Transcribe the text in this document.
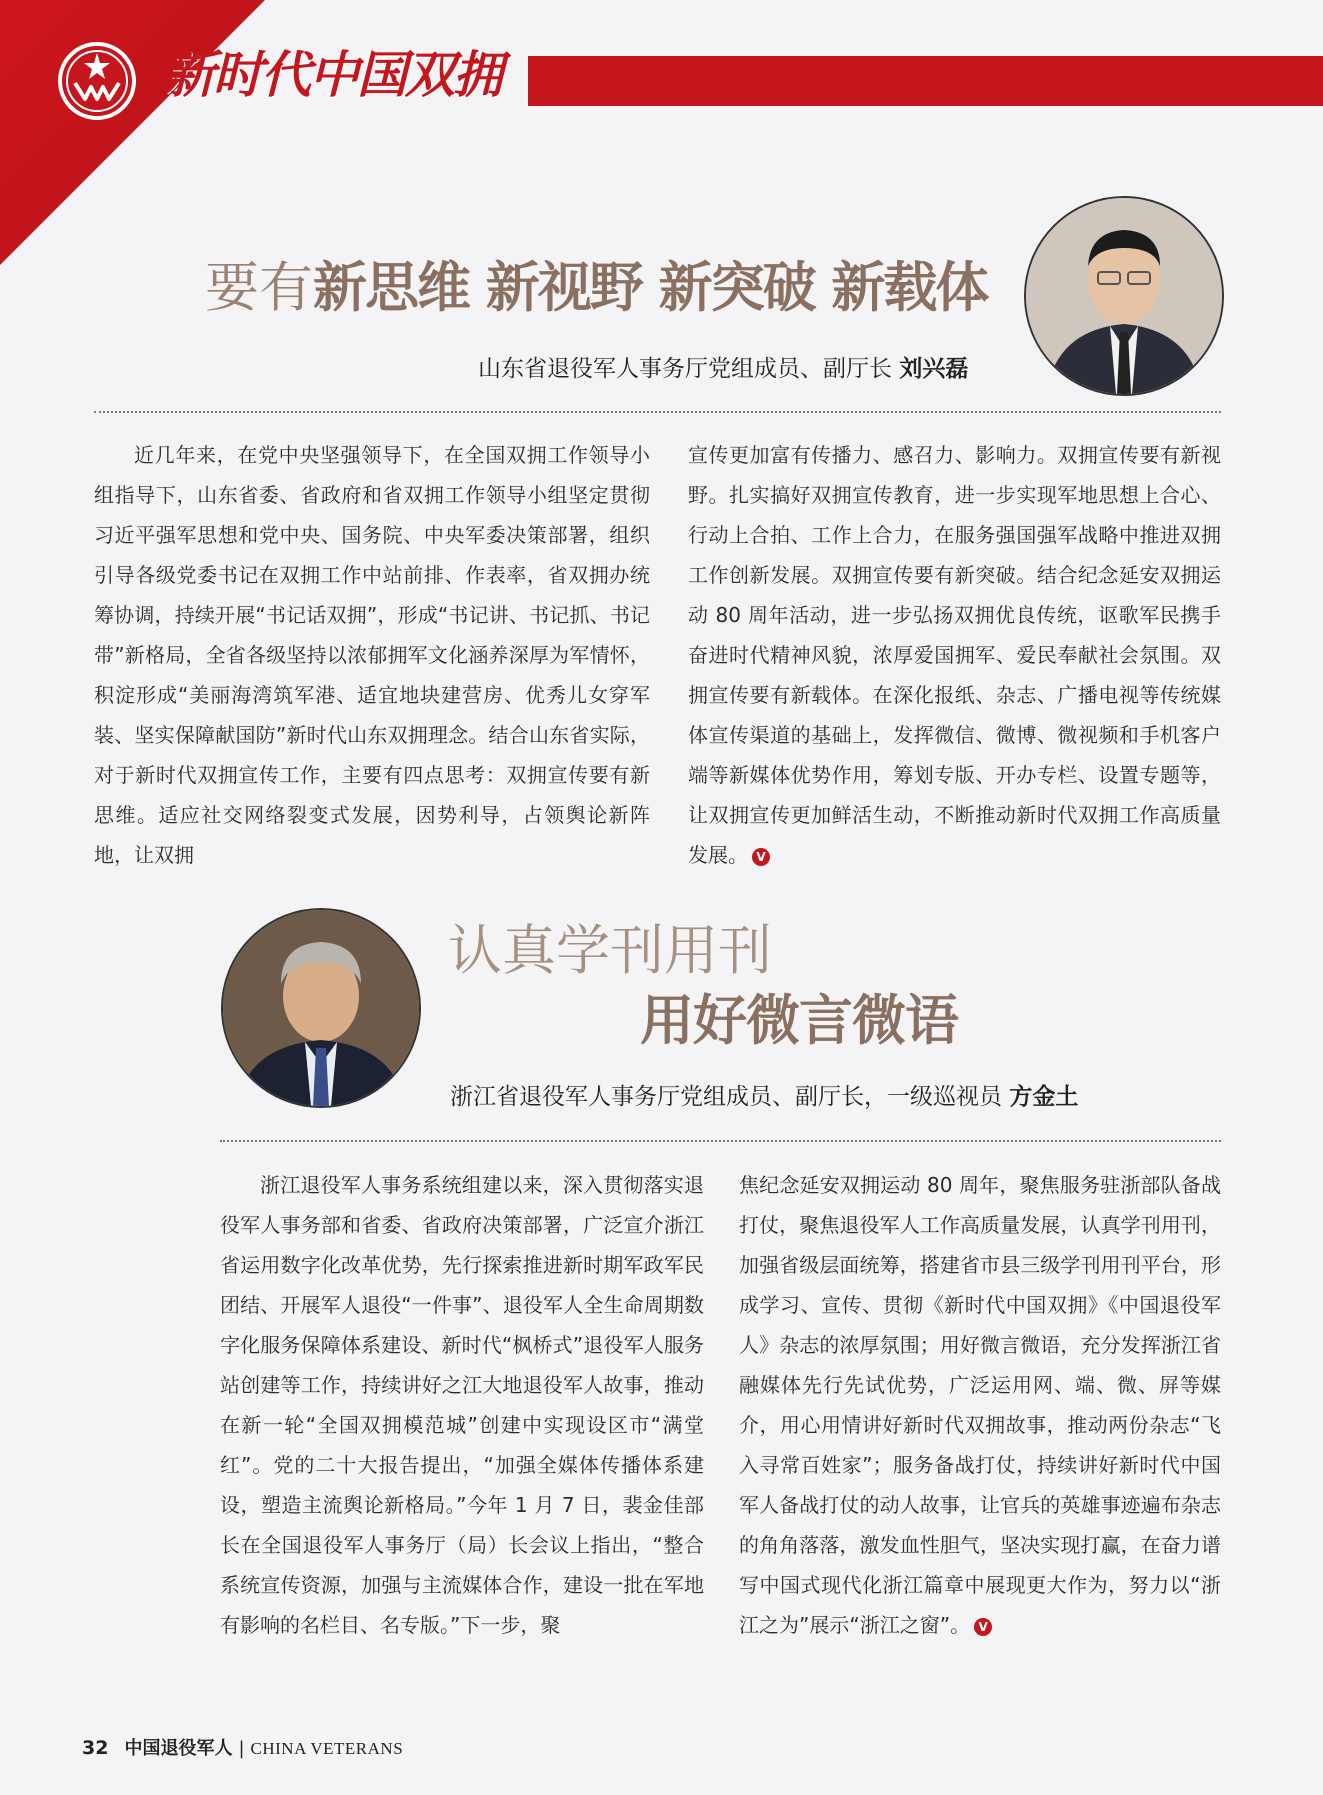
新时代中国双拥
要有新思维 新视野 新突破 新载体
山东省退役军人事务厅党组成员、副厅长 刘兴磊

近几年来，在党中央坚强领导下，在全国双拥工作领导小组指导下，山东省委、省政府和省双拥工作领导小组坚定贯彻习近平强军思想和党中央、国务院、中央军委决策部署，组织引导各级党委书记在双拥工作中站前排、作表率，省双拥办统筹协调，持续开展“书记话双拥”，形成“书记讲、书记抓、书记带”新格局，全省各级坚持以浓郁拥军文化涵养深厚为军情怀，积淀形成“美丽海湾筑军港、适宜地块建营房、优秀儿女穿军装、坚实保障献国防”新时代山东双拥理念。结合山东省实际，对于新时代双拥宣传工作，主要有四点思考：双拥宣传要有新思维。适应社交网络裂变式发展，因势利导，占领舆论新阵地，让双拥

宣传更加富有传播力、感召力、影响力。双拥宣传要有新视野。扎实搞好双拥宣传教育，进一步实现军地思想上合心、行动上合拍、工作上合力，在服务强国强军战略中推进双拥工作创新发展。双拥宣传要有新突破。结合纪念延安双拥运动 80 周年活动，进一步弘扬双拥优良传统，讴歌军民携手奋进时代精神风貌，浓厚爱国拥军、爱民奉献社会氛围。双拥宣传要有新载体。在深化报纸、杂志、广播电视等传统媒体宣传渠道的基础上，发挥微信、微博、微视频和手机客户端等新媒体优势作用，筹划专版、开办专栏、设置专题等，让双拥宣传更加鲜活生动，不断推动新时代双拥工作高质量发展。 V

认真学刊用刊
用好微言微语
浙江省退役军人事务厅党组成员、副厅长，一级巡视员 方金土

浙江退役军人事务系统组建以来，深入贯彻落实退役军人事务部和省委、省政府决策部署，广泛宣介浙江省运用数字化改革优势，先行探索推进新时期军政军民团结、开展军人退役“一件事”、退役军人全生命周期数字化服务保障体系建设、新时代“枫桥式”退役军人服务站创建等工作，持续讲好之江大地退役军人故事，推动在新一轮“全国双拥模范城”创建中实现设区市“满堂红”。党的二十大报告提出，“加强全媒体传播体系建设，塑造主流舆论新格局。”今年 1 月 7 日，裴金佳部长在全国退役军人事务厅（局）长会议上指出，“整合系统宣传资源，加强与主流媒体合作，建设一批在军地有影响的名栏目、名专版。”下一步，聚

焦纪念延安双拥运动 80 周年，聚焦服务驻浙部队备战打仗，聚焦退役军人工作高质量发展，认真学刊用刊，加强省级层面统筹，搭建省市县三级学刊用刊平台，形成学习、宣传、贯彻《新时代中国双拥》《中国退役军人》杂志的浓厚氛围；用好微言微语，充分发挥浙江省融媒体先行先试优势，广泛运用网、端、微、屏等媒介，用心用情讲好新时代双拥故事，推动两份杂志“飞入寻常百姓家”；服务备战打仗，持续讲好新时代中国军人备战打仗的动人故事，让官兵的英雄事迹遍布杂志的角角落落，激发血性胆气，坚决实现打赢，在奋力谱写中国式现代化浙江篇章中展现更大作为，努力以“浙江之为”展示“浙江之窗”。 V

32 中国退役军人 | CHINA VETERANS
